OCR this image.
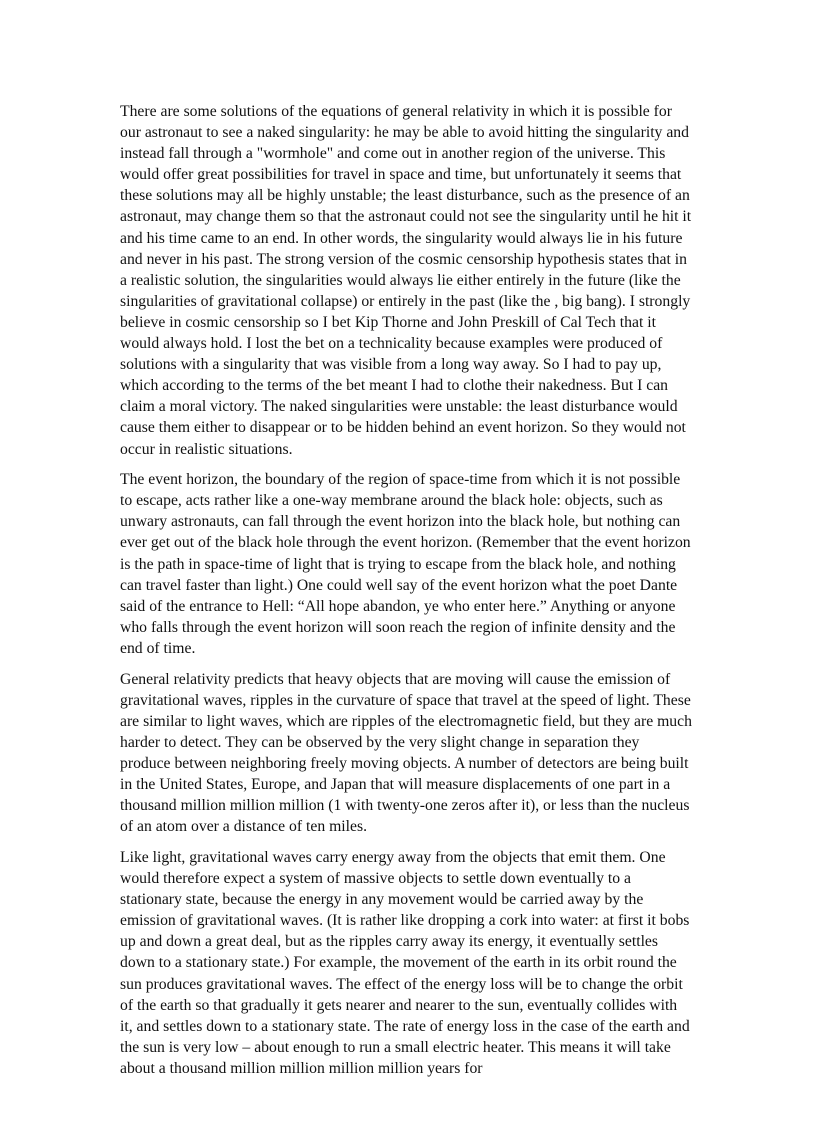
There are some solutions of the equations of general relativity in which it is possible for our astronaut to see a naked singularity: he may be able to avoid hitting the singularity and instead fall through a "wormhole" and come out in another region of the universe. This would offer great possibilities for travel in space and time, but unfortunately it seems that these solutions may all be highly unstable; the least disturbance, such as the presence of an astronaut, may change them so that the astronaut could not see the singularity until he hit it and his time came to an end. In other words, the singularity would always lie in his future and never in his past. The strong version of the cosmic censorship hypothesis states that in a realistic solution, the singularities would always lie either entirely in the future (like the singularities of gravitational collapse) or entirely in the past (like the , big bang). I strongly believe in cosmic censorship so I bet Kip Thorne and John Preskill of Cal Tech that it would always hold. I lost the bet on a technicality because examples were produced of solutions with a singularity that was visible from a long way away. So I had to pay up, which according to the terms of the bet meant I had to clothe their nakedness. But I can claim a moral victory. The naked singularities were unstable: the least disturbance would cause them either to disappear or to be hidden behind an event horizon. So they would not occur in realistic situations.

The event horizon, the boundary of the region of space-time from which it is not possible to escape, acts rather like a one-way membrane around the black hole: objects, such as unwary astronauts, can fall through the event horizon into the black hole, but nothing can ever get out of the black hole through the event horizon. (Remember that the event horizon is the path in space-time of light that is trying to escape from the black hole, and nothing can travel faster than light.) One could well say of the event horizon what the poet Dante said of the entrance to Hell: “All hope abandon, ye who enter here.” Anything or anyone who falls through the event horizon will soon reach the region of infinite density and the end of time.

General relativity predicts that heavy objects that are moving will cause the emission of gravitational waves, ripples in the curvature of space that travel at the speed of light. These are similar to light waves, which are ripples of the electromagnetic field, but they are much harder to detect. They can be observed by the very slight change in separation they produce between neighboring freely moving objects. A number of detectors are being built in the United States, Europe, and Japan that will measure displacements of one part in a thousand million million million (1 with twenty-one zeros after it), or less than the nucleus of an atom over a distance of ten miles.

Like light, gravitational waves carry energy away from the objects that emit them. One would therefore expect a system of massive objects to settle down eventually to a stationary state, because the energy in any movement would be carried away by the emission of gravitational waves. (It is rather like dropping a cork into water: at first it bobs up and down a great deal, but as the ripples carry away its energy, it eventually settles down to a stationary state.) For example, the movement of the earth in its orbit round the sun produces gravitational waves. The effect of the energy loss will be to change the orbit of the earth so that gradually it gets nearer and nearer to the sun, eventually collides with it, and settles down to a stationary state. The rate of energy loss in the case of the earth and the sun is very low – about enough to run a small electric heater. This means it will take about a thousand million million million million years for
